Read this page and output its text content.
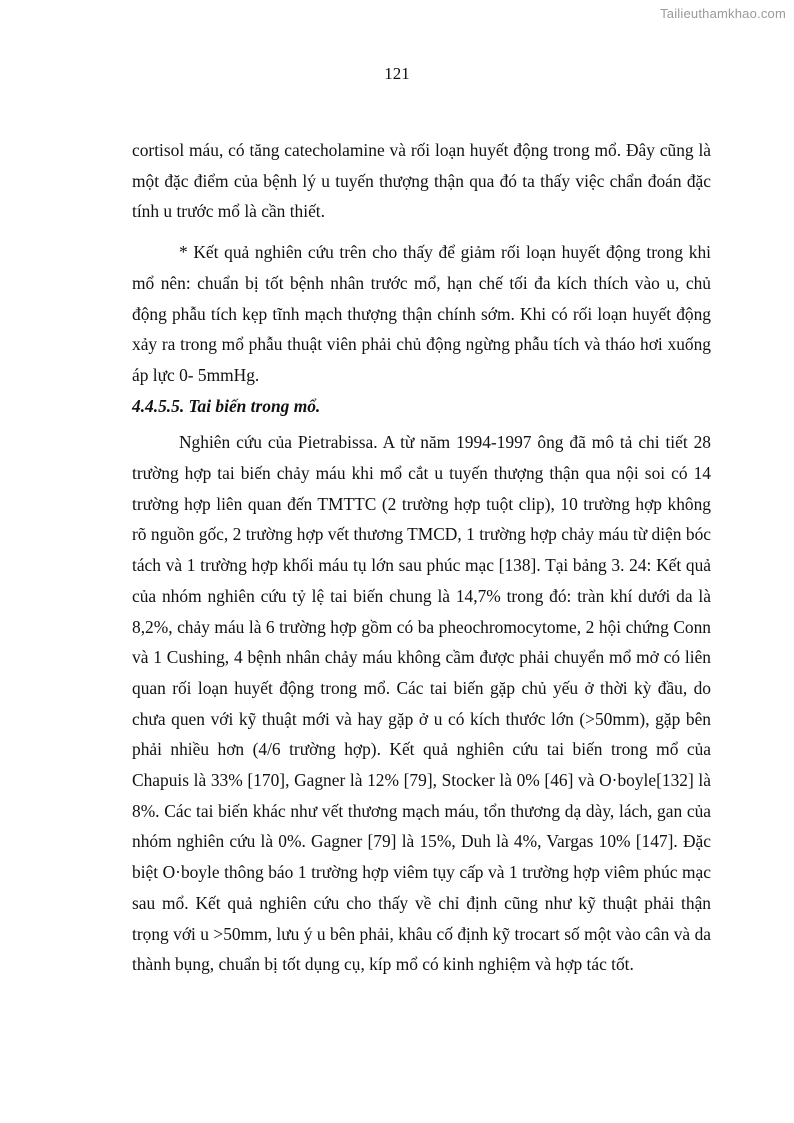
Tailieuthamkhao.com
121

cortisol máu, có tăng catecholamine và rối loạn huyết động trong mổ. Đây cũng là một đặc điểm của bệnh lý u tuyến thượng thận qua đó ta thấy việc chẩn đoán đặc tính u trước mổ là cần thiết.

* Kết quả nghiên cứu trên cho thấy để giảm rối loạn huyết động trong khi mổ nên: chuẩn bị tốt bệnh nhân trước mổ, hạn chế tối đa kích thích vào u, chủ động phẫu tích kẹp tĩnh mạch thượng thận chính sớm. Khi có rối loạn huyết động xảy ra trong mổ phẫu thuật viên phải chủ động ngừng phẫu tích và tháo hơi xuống áp lực 0- 5mmHg.

4.4.5.5. Tai biến trong mổ.

Nghiên cứu của Pietrabissa. A từ năm 1994-1997 ông đã mô tả chi tiết 28 trường hợp tai biến chảy máu khi mổ cắt u tuyến thượng thận qua nội soi có 14 trường hợp liên quan đến TMTTC (2 trường hợp tuột clip), 10 trường hợp không rõ nguồn gốc, 2 trường hợp vết thương TMCD, 1 trường hợp chảy máu từ diện bóc tách và 1 trường hợp khối máu tụ lớn sau phúc mạc [138]. Tại bảng 3. 24: Kết quả của nhóm nghiên cứu tỷ lệ tai biến chung là 14,7% trong đó: tràn khí dưới da là 8,2%, chảy máu là 6 trường hợp gồm có ba pheochromocytome, 2 hội chứng Conn và 1 Cushing, 4 bệnh nhân chảy máu không cầm được phải chuyển mổ mở có liên quan rối loạn huyết động trong mổ. Các tai biến gặp chủ yếu ở thời kỳ đầu, do chưa quen với kỹ thuật mới và hay gặp ở u có kích thước lớn (>50mm), gặp bên phải nhiều hơn (4/6 trường hợp). Kết quả nghiên cứu tai biến trong mổ của Chapuis là 33% [170], Gagner là 12% [79], Stocker là 0% [46] và O·boyle[132] là 8%. Các tai biến khác như vết thương mạch máu, tổn thương dạ dày, lách, gan của nhóm nghiên cứu là 0%. Gagner [79] là 15%, Duh là 4%, Vargas 10% [147]. Đặc biệt O·boyle thông báo 1 trường hợp viêm tụy cấp và 1 trường hợp viêm phúc mạc sau mổ. Kết quả nghiên cứu cho thấy về chỉ định cũng như kỹ thuật phải thận trọng với u >50mm, lưu ý u bên phải, khâu cố định kỹ trocart số một vào cân và da thành bụng, chuẩn bị tốt dụng cụ, kíp mổ có kinh nghiệm và hợp tác tốt.
